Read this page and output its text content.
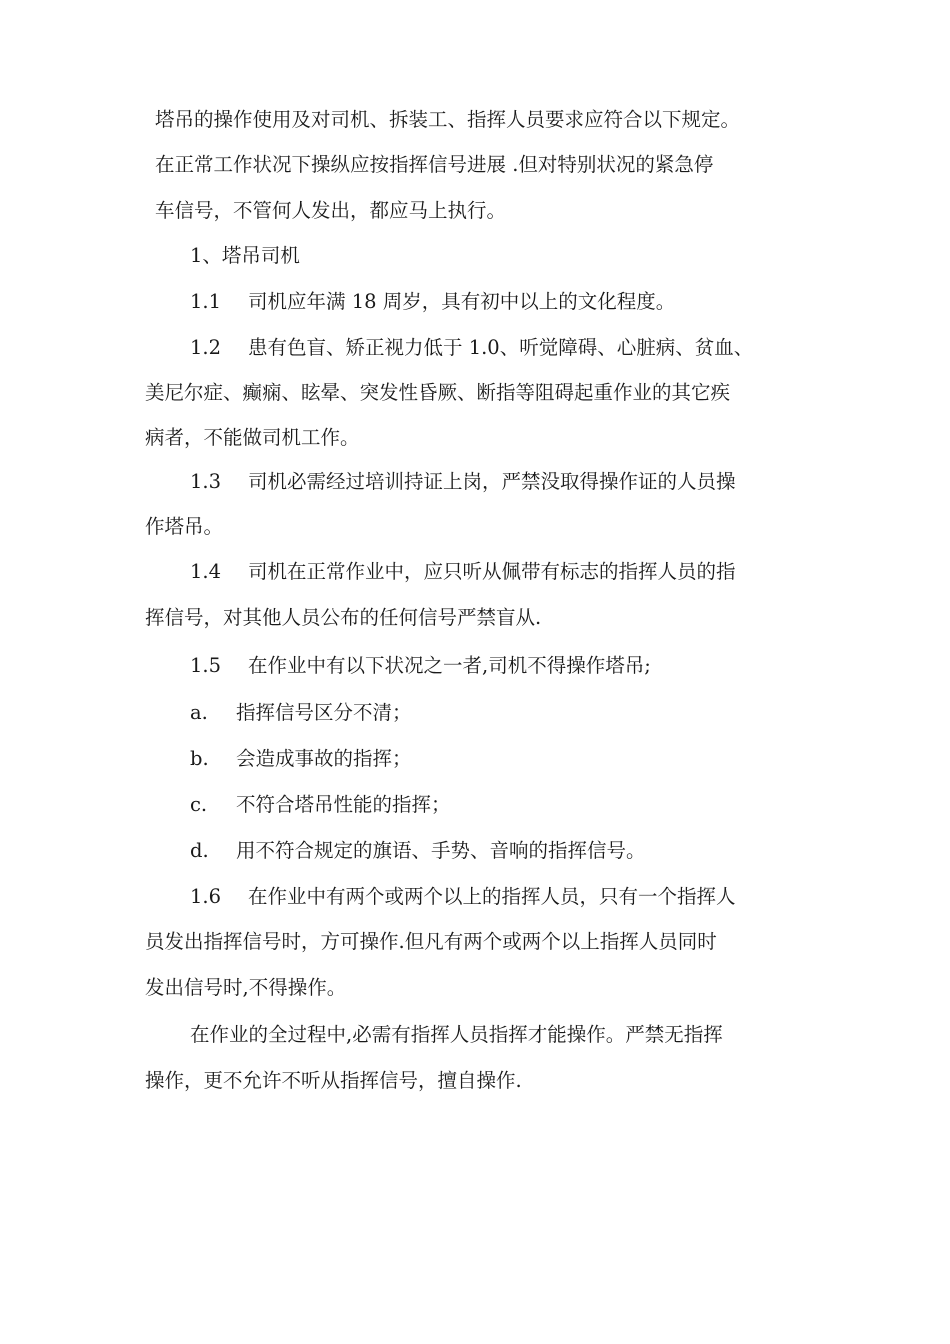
塔吊的操作使用及对司机、拆装工、指挥人员要求应符合以下规定。
在正常工作状况下操纵应按指挥信号进展 .但对特别状况的紧急停
车信号，不管何人发出，都应马上执行。
1、塔吊司机
1.1 司机应年满 18 周岁，具有初中以上的文化程度。
1.2 患有色盲、矫正视力低于 1.0、听觉障碍、心脏病、贫血、
美尼尔症、癫痫、眩晕、突发性昏厥、断指等阻碍起重作业的其它疾
病者，不能做司机工作。
1.3 司机必需经过培训持证上岗，严禁没取得操作证的人员操
作塔吊。
1.4 司机在正常作业中，应只听从佩带有标志的指挥人员的指
挥信号，对其他人员公布的任何信号严禁盲从.
1.5 在作业中有以下状况之一者,司机不得操作塔吊;
a. 指挥信号区分不清；
b. 会造成事故的指挥；
c. 不符合塔吊性能的指挥；
d. 用不符合规定的旗语、手势、音响的指挥信号。
1.6 在作业中有两个或两个以上的指挥人员，只有一个指挥人
员发出指挥信号时，方可操作.但凡有两个或两个以上指挥人员同时
发出信号时,不得操作。
在作业的全过程中,必需有指挥人员指挥才能操作。严禁无指挥
操作，更不允许不听从指挥信号，擅自操作.
